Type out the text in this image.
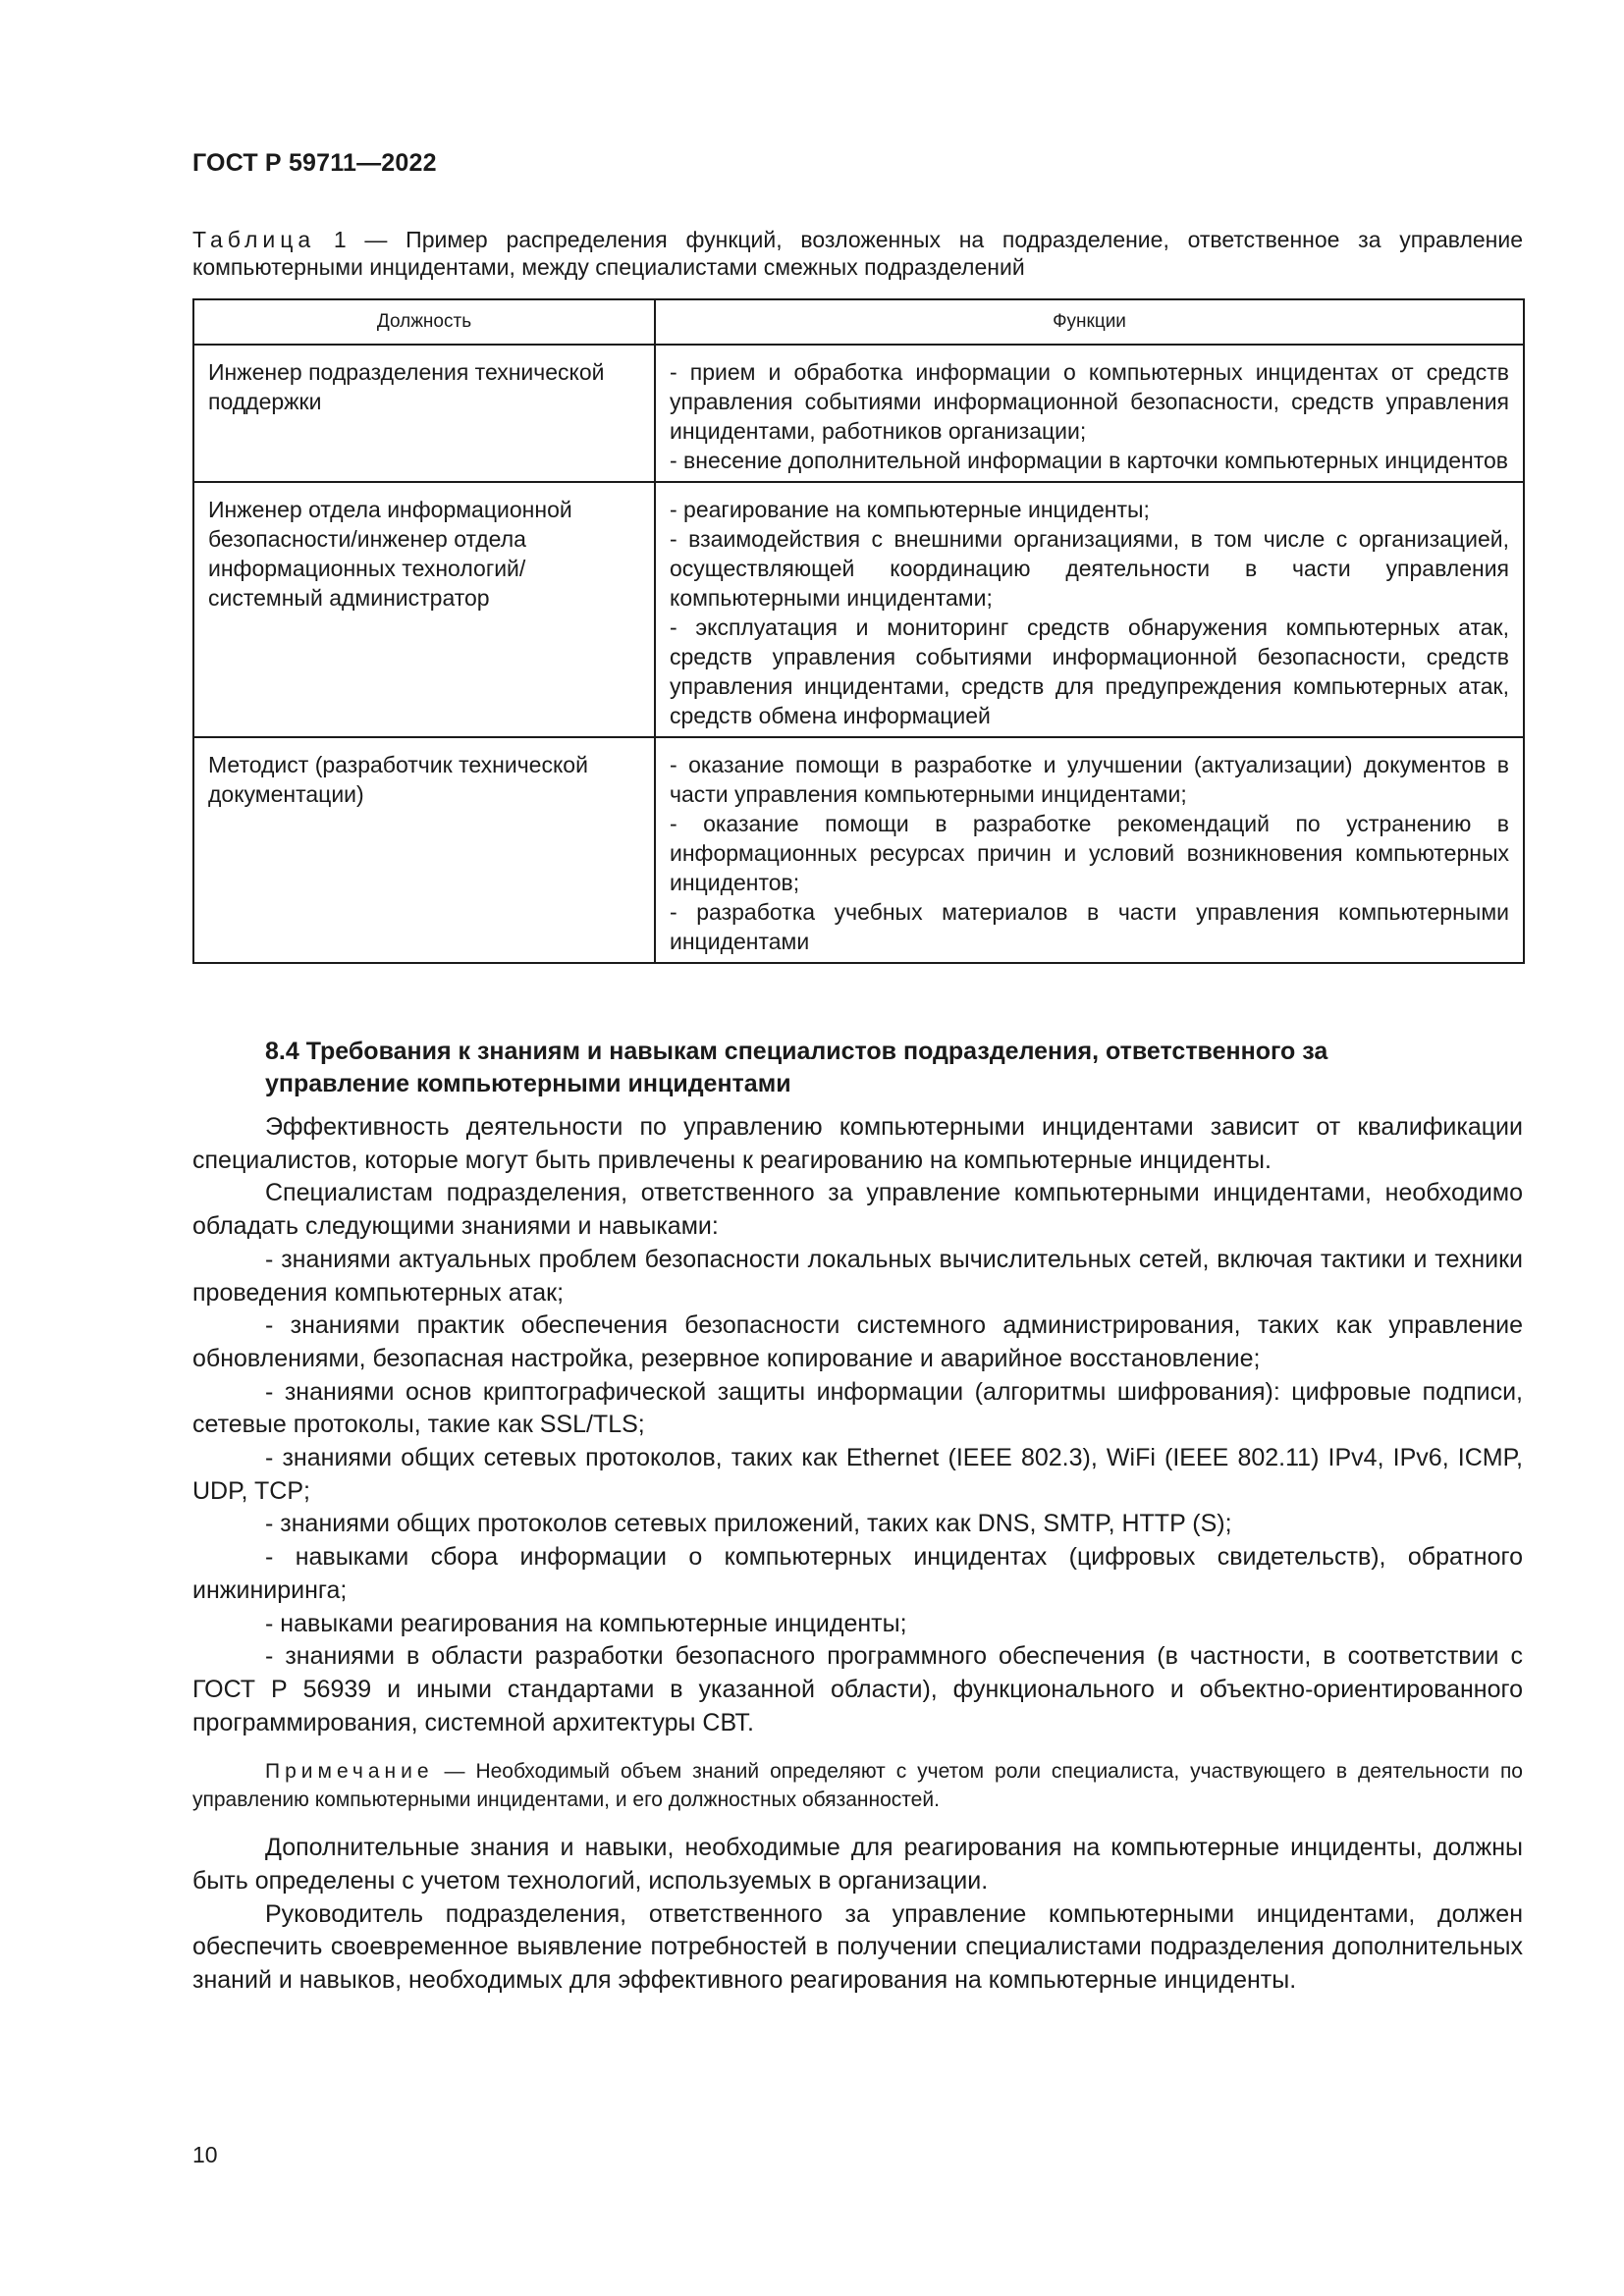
ГОСТ Р 59711—2022
Таблица 1 — Пример распределения функций, возложенных на подразделение, ответственное за управление компьютерными инцидентами, между специалистами смежных подразделений
Должность	Функции
Инженер подразделения технической поддержки	- прием и обработка информации о компьютерных инцидентах от средств управления событиями информационной безопасности, средств управления инцидентами, работников организации;
- внесение дополнительной информации в карточки компьютерных инцидентов

Инженер отдела информационной безопасности/инженер отдела информационных технологий/системный администратор	- реагирование на компьютерные инциденты;
- взаимодействия с внешними организациями, в том числе с организацией, осуществляющей координацию деятельности в части управления компьютерными инцидентами;
- эксплуатация и мониторинг средств обнаружения компьютерных атак, средств управления событиями информационной безопасности, средств управления инцидентами, средств для предупреждения компьютерных атак, средств обмена информацией

Методист (разработчик технической документации)	- оказание помощи в разработке и улучшении (актуализации) документов в части управления компьютерными инцидентами;
- оказание помощи в разработке рекомендаций по устранению в информационных ресурсах причин и условий возникновения компьютерных инцидентов;
- разработка учебных материалов в части управления компьютерными инцидентами
8.4 Требования к знаниям и навыкам специалистов подразделения, ответственного за управление компьютерными инцидентами

Эффективность деятельности по управлению компьютерными инцидентами зависит от квалификации специалистов, которые могут быть привлечены к реагированию на компьютерные инциденты.

Специалистам подразделения, ответственного за управление компьютерными инцидентами, необходимо обладать следующими знаниями и навыками:

- знаниями актуальных проблем безопасности локальных вычислительных сетей, включая тактики и техники проведения компьютерных атак;

- знаниями практик обеспечения безопасности системного администрирования, таких как управление обновлениями, безопасная настройка, резервное копирование и аварийное восстановление;

- знаниями основ криптографической защиты информации (алгоритмы шифрования): цифровые подписи, сетевые протоколы, такие как SSL/TLS;

- знаниями общих сетевых протоколов, таких как Ethernet (IEEE 802.3), WiFi (IEEE 802.11) IPv4, IPv6, ICMP, UDP, TCP;

- знаниями общих протоколов сетевых приложений, таких как DNS, SMTP, HTTP (S);

- навыками сбора информации о компьютерных инцидентах (цифровых свидетельств), обратного инжиниринга;

- навыками реагирования на компьютерные инциденты;

- знаниями в области разработки безопасного программного обеспечения (в частности, в соответствии с ГОСТ Р 56939 и иными стандартами в указанной области), функционального и объектно-ориентированного программирования, системной архитектуры СВТ.

Примечание — Необходимый объем знаний определяют с учетом роли специалиста, участвующего в деятельности по управлению компьютерными инцидентами, и его должностных обязанностей.

Дополнительные знания и навыки, необходимые для реагирования на компьютерные инциденты, должны быть определены с учетом технологий, используемых в организации.

Руководитель подразделения, ответственного за управление компьютерными инцидентами, должен обеспечить своевременное выявление потребностей в получении специалистами подразделения дополнительных знаний и навыков, необходимых для эффективного реагирования на компьютерные инциденты.

10
